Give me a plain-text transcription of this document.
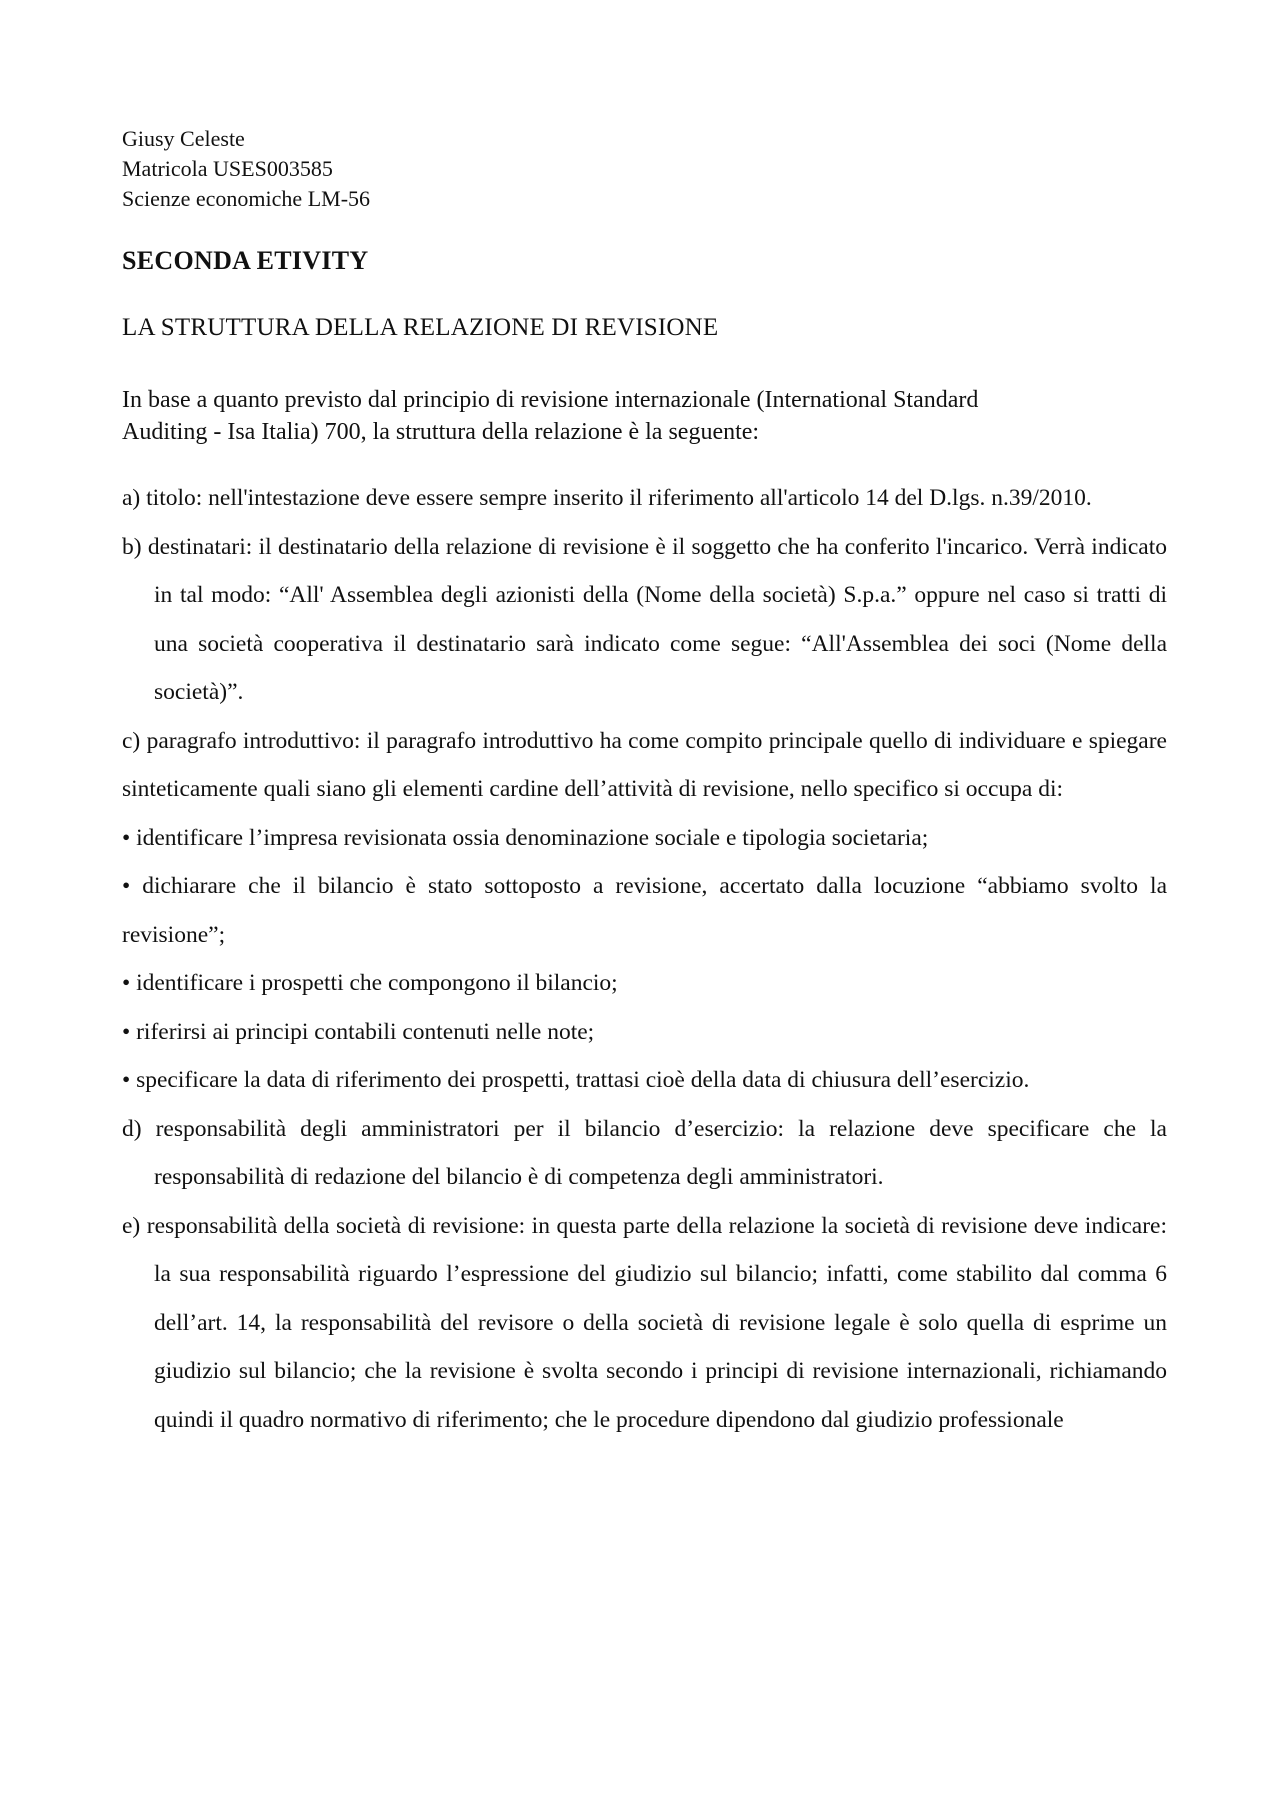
Giusy Celeste
Matricola USES003585
Scienze economiche LM-56
SECONDA ETIVITY
LA STRUTTURA DELLA RELAZIONE DI REVISIONE
In base a quanto previsto dal principio di revisione internazionale (International Standard
Auditing - Isa Italia) 700, la struttura della relazione è la seguente:

a) titolo: nell'intestazione deve essere sempre inserito il riferimento all'articolo 14 del D.lgs. n.39/2010.

b) destinatari: il destinatario della relazione di revisione è il soggetto che ha conferito l'incarico. Verrà indicato in tal modo: “All' Assemblea degli azionisti della (Nome della società) S.p.a.” oppure nel caso si tratti di una società cooperativa il destinatario sarà indicato come segue: “All'Assemblea dei soci (Nome della società)”.

c) paragrafo introduttivo: il paragrafo introduttivo ha come compito principale quello di individuare e spiegare sinteticamente quali siano gli elementi cardine dell’attività di revisione, nello specifico si occupa di:

• identificare l’impresa revisionata ossia denominazione sociale e tipologia societaria;

• dichiarare che il bilancio è stato sottoposto a revisione, accertato dalla locuzione “abbiamo svolto la revisione”;

• identificare i prospetti che compongono il bilancio;

• riferirsi ai principi contabili contenuti nelle note;

• specificare la data di riferimento dei prospetti, trattasi cioè della data di chiusura dell’esercizio.

d) responsabilità degli amministratori per il bilancio d’esercizio: la relazione deve specificare che la responsabilità di redazione del bilancio è di competenza degli amministratori.

e) responsabilità della società di revisione: in questa parte della relazione la società di revisione deve indicare: la sua responsabilità riguardo l’espressione del giudizio sul bilancio; infatti, come stabilito dal comma 6 dell’art. 14, la responsabilità del revisore o della società di revisione legale è solo quella di esprime un giudizio sul bilancio; che la revisione è svolta secondo i principi di revisione internazionali, richiamando quindi il quadro normativo di riferimento; che le procedure dipendono dal giudizio professionale
